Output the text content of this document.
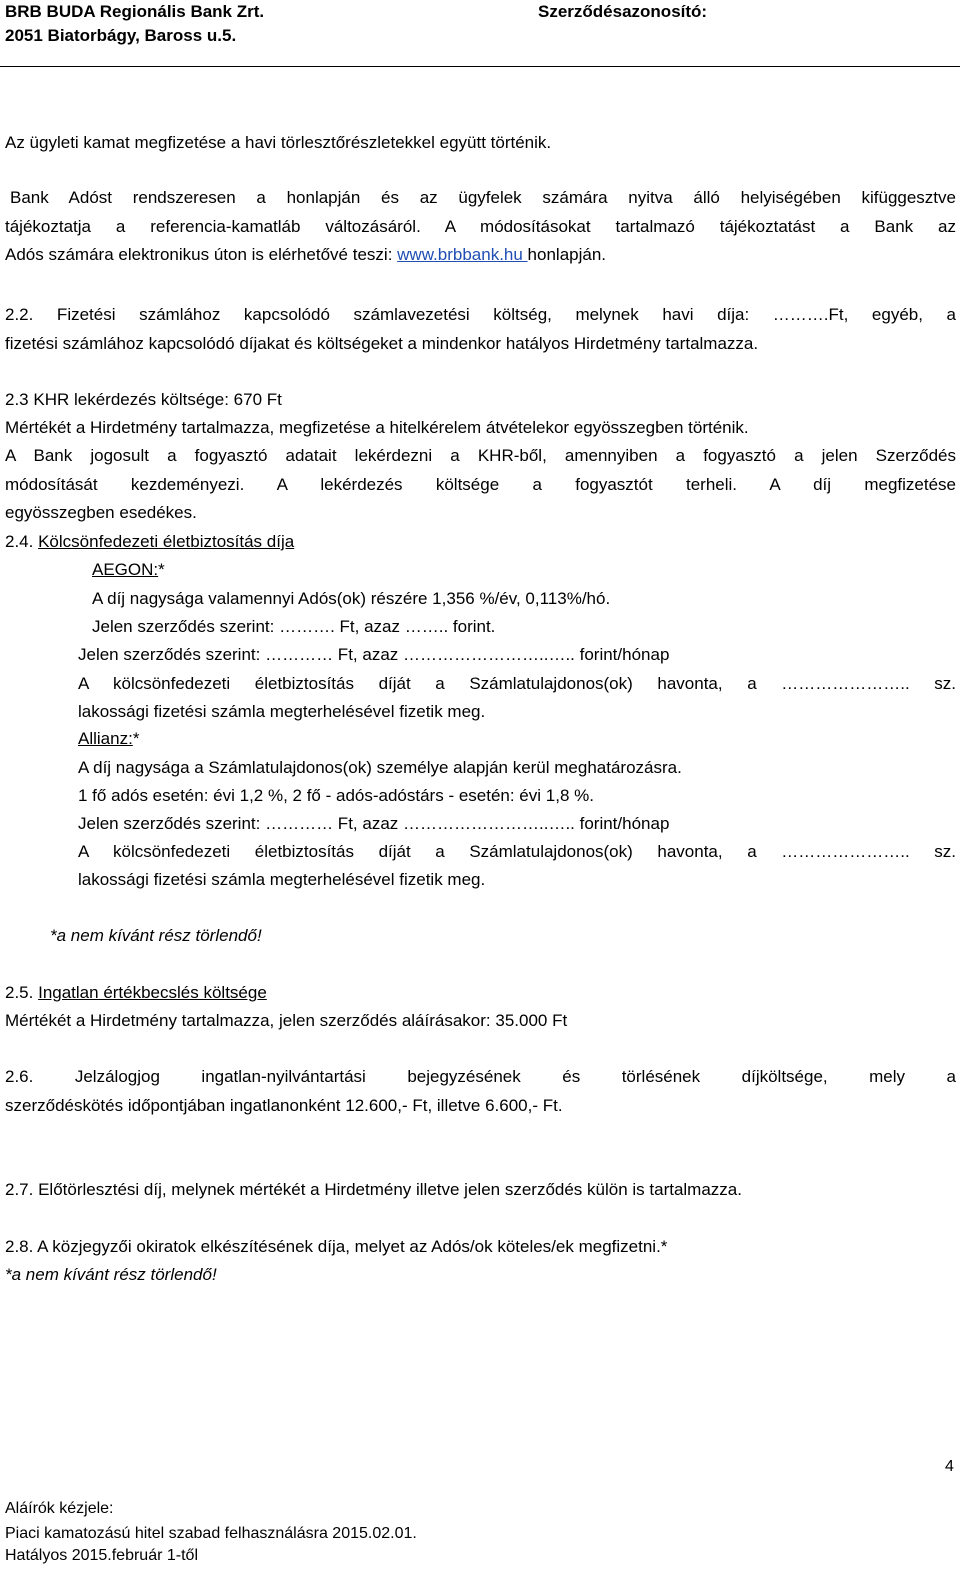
BRB BUDA Regionális Bank Zrt.
2051 Biatorbágy, Baross u.5.
Szerződésazonosító:
Az ügyleti kamat megfizetése a havi törlesztőrészletekkel együtt történik.
Bank Adóst rendszeresen a honlapján és az ügyfelek számára nyitva álló helyiségében kifüggesztve
tájékoztatja a referencia-kamatláb változásáról. A módosításokat tartalmazó tájékoztatást a Bank az
Adós számára elektronikus úton is elérhetővé teszi: www.brbbank.hu honlapján.
2.2. Fizetési számlához kapcsolódó számlavezetési költség, melynek havi díja: ……….Ft, egyéb, a
fizetési számlához kapcsolódó díjakat és költségeket a mindenkor hatályos Hirdetmény tartalmazza.
2.3 KHR lekérdezés költsége: 670 Ft
Mértékét a Hirdetmény tartalmazza, megfizetése a hitelkérelem átvételekor egyösszegben történik.
A Bank jogosult a fogyasztó adatait lekérdezni a KHR-ből, amennyiben a fogyasztó a jelen Szerződés
módosítását kezdeményezi. A lekérdezés költsége a fogyasztót terheli. A díj megfizetése
egyösszegben esedékes.
2.4. Kölcsönfedezeti életbiztosítás díja
AEGON:*
A díj nagysága valamennyi Adós(ok) részére 1,356 %/év, 0,113%/hó.
Jelen szerződés szerint: ………. Ft, azaz …….. forint.
Jelen szerződés szerint: ………… Ft, azaz ……………………..….. forint/hónap
A kölcsönfedezeti életbiztosítás díját a Számlatulajdonos(ok) havonta, a ………………….. sz.
lakossági fizetési számla megterhelésével fizetik meg.
Allianz:*
A díj nagysága a Számlatulajdonos(ok) személye alapján kerül meghatározásra.
1 fő adós esetén: évi 1,2 %, 2 fő - adós-adóstárs - esetén: évi 1,8 %.
Jelen szerződés szerint: ………… Ft, azaz ……………………..….. forint/hónap
A kölcsönfedezeti életbiztosítás díját a Számlatulajdonos(ok) havonta, a ………………….. sz.
lakossági fizetési számla megterhelésével fizetik meg.
*a nem kívánt rész törlendő!
2.5. Ingatlan értékbecslés költsége
Mértékét a Hirdetmény tartalmazza, jelen szerződés aláírásakor: 35.000 Ft
2.6. Jelzálogjog ingatlan-nyilvántartási bejegyzésének és törlésének díjköltsége, mely a
szerződéskötés időpontjában ingatlanonként 12.600,- Ft, illetve 6.600,- Ft.
2.7. Előtörlesztési díj, melynek mértékét a Hirdetmény illetve jelen szerződés külön is tartalmazza.
2.8. A közjegyzői okiratok elkészítésének díja, melyet az Adós/ok köteles/ek megfizetni.*
*a nem kívánt rész törlendő!
4
Aláírók kézjele:
Piaci kamatozású hitel szabad felhasználásra 2015.02.01.
Hatályos 2015.február 1-től
